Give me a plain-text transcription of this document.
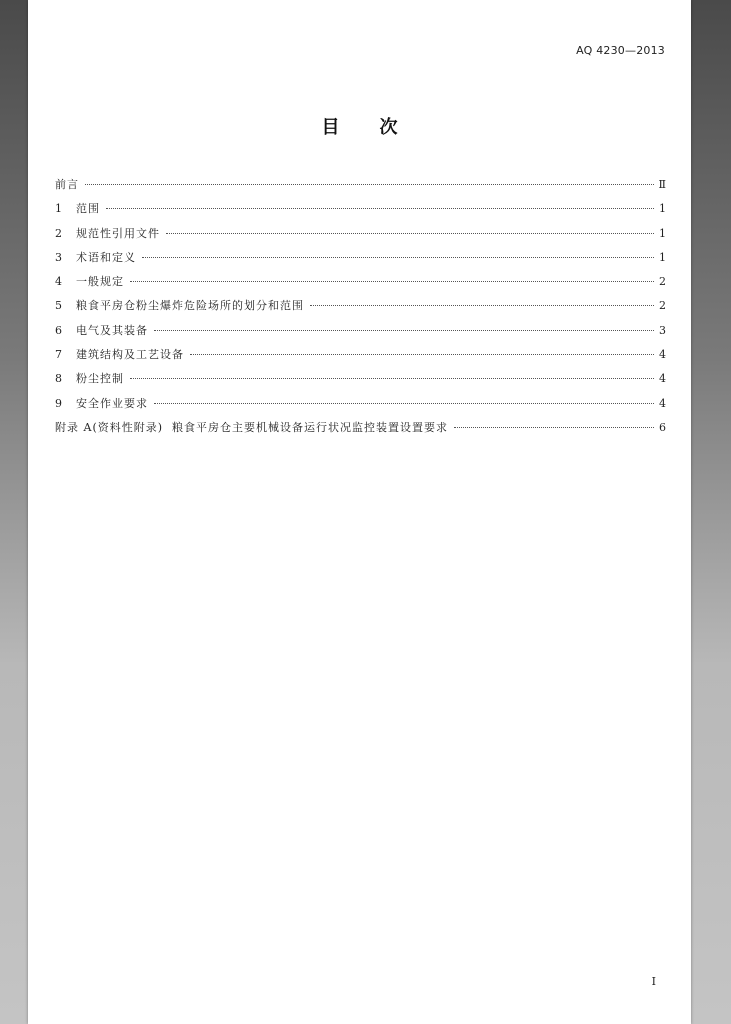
AQ 4230—2013
目次
前言	Ⅱ
1	范围	1
2	规范性引用文件	1
3	术语和定义	1
4	一般规定	2
5	粮食平房仓粉尘爆炸危险场所的划分和范围	2
6	电气及其装备	3
7	建筑结构及工艺设备	4
8	粉尘控制	4
9	安全作业要求	4
附录 A(资料性附录)  粮食平房仓主要机械设备运行状况监控装置设置要求	6
Ⅰ
